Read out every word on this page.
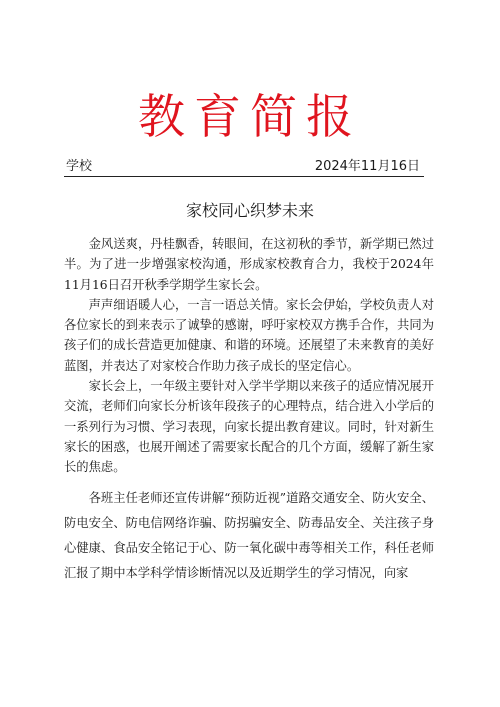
教育简报
学校	2024年11月16日
家校同心织梦未来

金风送爽，丹桂飘香，转眼间，在这初秋的季节，新学期已然过半。为了进一步增强家校沟通，形成家校教育合力，我校于2024年11月16日召开秋季学期学生家长会。

声声细语暖人心，一言一语总关情。家长会伊始，学校负责人对各位家长的到来表示了诚挚的感谢，呼吁家校双方携手合作，共同为孩子们的成长营造更加健康、和谐的环境。还展望了未来教育的美好蓝图，并表达了对家校合作助力孩子成长的坚定信心。

家长会上，一年级主要针对入学半学期以来孩子的适应情况展开交流，老师们向家长分析该年段孩子的心理特点，结合进入小学后的一系列行为习惯、学习表现，向家长提出教育建议。同时，针对新生家长的困惑，也展开阐述了需要家长配合的几个方面，缓解了新生家长的焦虑。

各班主任老师还宣传讲解“预防近视”道路交通安全、防火安全、防电安全、防电信网络诈骗、防拐骗安全、防毒品安全、关注孩子身心健康、食品安全铭记于心、防一氧化碳中毒等相关工作，科任老师汇报了期中本学科学情诊断情况以及近期学生的学习情况，向家
